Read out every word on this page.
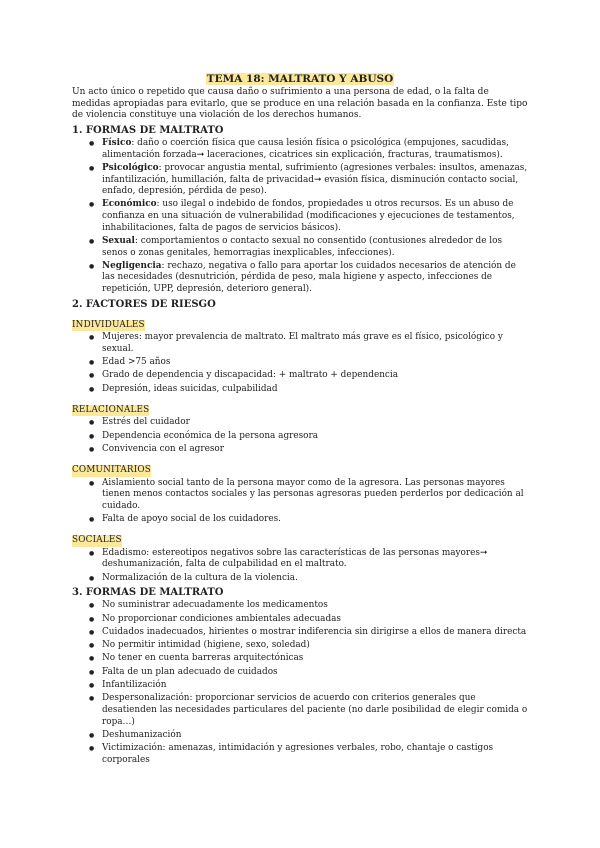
TEMA 18: MALTRATO Y ABUSO

Un acto único o repetido que causa daño o sufrimiento a una persona de edad, o la falta de medidas apropiadas para evitarlo, que se produce en una relación basada en la confianza. Este tipo de violencia constituye una violación de los derechos humanos.

1. FORMAS DE MALTRATO
● Físico: daño o coerción física que causa lesión física o psicológica (empujones, sacudidas, alimentación forzada➞ laceraciones, cicatrices sin explicación, fracturas, traumatismos).
● Psicológico: provocar angustia mental, sufrimiento (agresiones verbales: insultos, amenazas, infantilización, humillación, falta de privacidad➞ evasión física, disminución contacto social, enfado, depresión, pérdida de peso).
● Económico: uso ilegal o indebido de fondos, propiedades u otros recursos. Es un abuso de confianza en una situación de vulnerabilidad (modificaciones y ejecuciones de testamentos, inhabilitaciones, falta de pagos de servicios básicos).
● Sexual: comportamientos o contacto sexual no consentido (contusiones alrededor de los senos o zonas genitales, hemorragias inexplicables, infecciones).
● Negligencia: rechazo, negativa o fallo para aportar los cuidados necesarios de atención de las necesidades (desnutrición, pérdida de peso, mala higiene y aspecto, infecciones de repetición, UPP, depresión, deterioro general).
2. FACTORES DE RIESGO
INDIVIDUALES
● Mujeres: mayor prevalencia de maltrato. El maltrato más grave es el físico, psicológico y sexual.
● Edad >75 años
● Grado de dependencia y discapacidad: + maltrato + dependencia
● Depresión, ideas suicidas, culpabilidad
RELACIONALES
● Estrés del cuidador
● Dependencia económica de la persona agresora
● Convivencia con el agresor
COMUNITARIOS
● Aislamiento social tanto de la persona mayor como de la agresora. Las personas mayores tienen menos contactos sociales y las personas agresoras pueden perderlos por dedicación al cuidado.
● Falta de apoyo social de los cuidadores.
SOCIALES
● Edadismo: estereotipos negativos sobre las características de las personas mayores➞ deshumanización, falta de culpabilidad en el maltrato.
● Normalización de la cultura de la violencia.
3. FORMAS DE MALTRATO
● No suministrar adecuadamente los medicamentos
● No proporcionar condiciones ambientales adecuadas
● Cuidados inadecuados, hirientes o mostrar indiferencia sin dirigirse a ellos de manera directa
● No permitir intimidad (higiene, sexo, soledad)
● No tener en cuenta barreras arquitectónicas
● Falta de un plan adecuado de cuidados
● Infantilización
● Despersonalización: proporcionar servicios de acuerdo con criterios generales que desatienden las necesidades particulares del paciente (no darle posibilidad de elegir comida o ropa…)
● Deshumanización
● Victimización: amenazas, intimidación y agresiones verbales, robo, chantaje o castigos corporales
